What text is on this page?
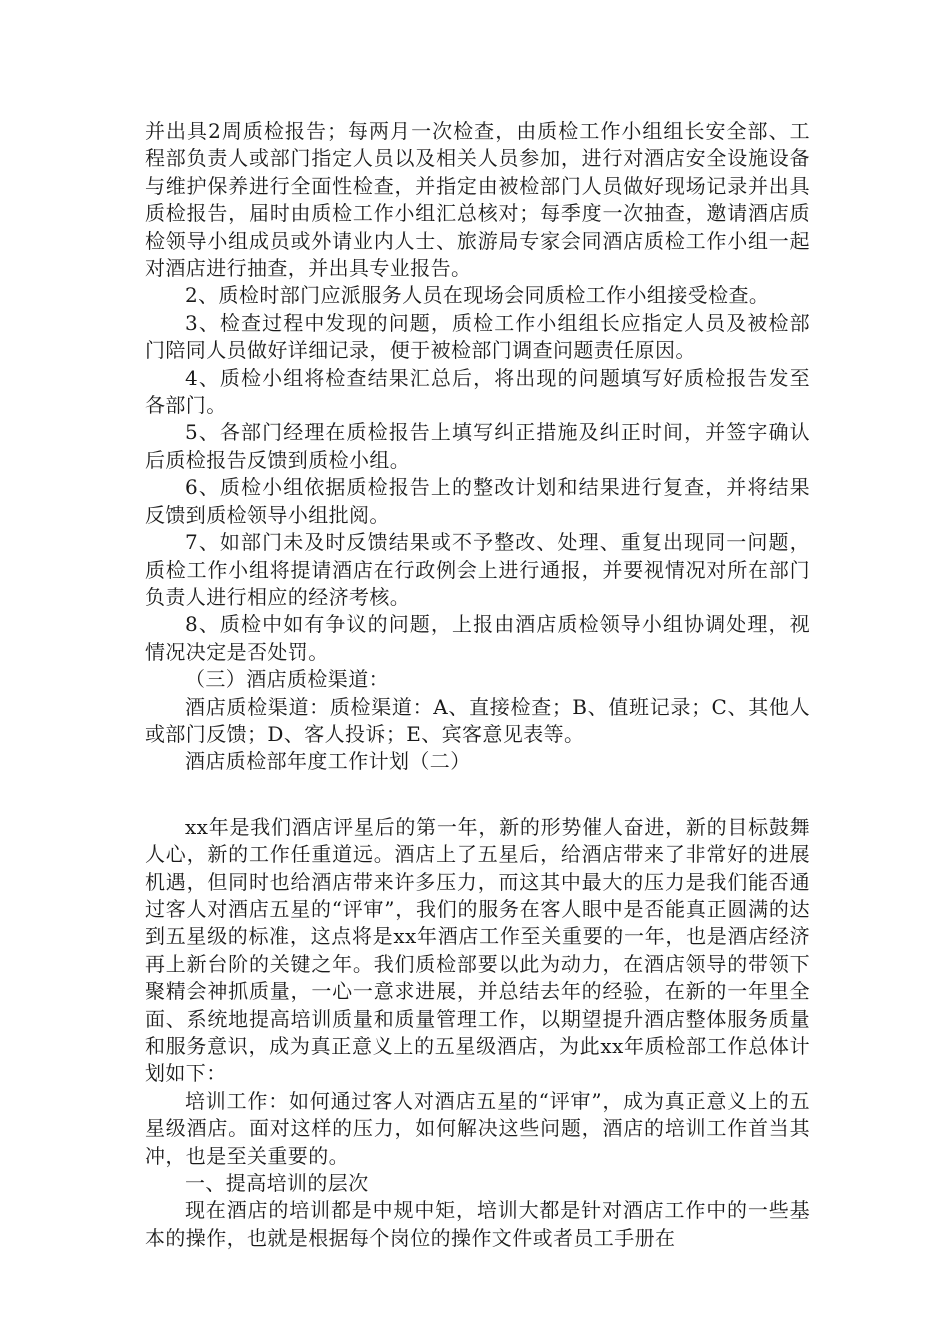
并出具2周质检报告；每两月一次检查，由质检工作小组组长安全部、工程部负责人或部门指定人员以及相关人员参加，进行对酒店安全设施设备与维护保养进行全面性检查，并指定由被检部门人员做好现场记录并出具质检报告，届时由质检工作小组汇总核对；每季度一次抽查，邀请酒店质检领导小组成员或外请业内人士、旅游局专家会同酒店质检工作小组一起对酒店进行抽查，并出具专业报告。

2、质检时部门应派服务人员在现场会同质检工作小组接受检查。

3、检查过程中发现的问题，质检工作小组组长应指定人员及被检部门陪同人员做好详细记录，便于被检部门调查问题责任原因。

4、质检小组将检查结果汇总后，将出现的问题填写好质检报告发至各部门。

5、各部门经理在质检报告上填写纠正措施及纠正时间，并签字确认后质检报告反馈到质检小组。

6、质检小组依据质检报告上的整改计划和结果进行复查，并将结果反馈到质检领导小组批阅。

7、如部门未及时反馈结果或不予整改、处理、重复出现同一问题，质检工作小组将提请酒店在行政例会上进行通报，并要视情况对所在部门负责人进行相应的经济考核。

8、质检中如有争议的问题，上报由酒店质检领导小组协调处理，视情况决定是否处罚。

（三）酒店质检渠道：

酒店质检渠道：质检渠道：A、直接检查；B、值班记录；C、其他人或部门反馈；D、客人投诉；E、宾客意见表等。

酒店质检部年度工作计划（二）

xx年是我们酒店评星后的第一年，新的形势催人奋进，新的目标鼓舞人心，新的工作任重道远。酒店上了五星后，给酒店带来了非常好的进展机遇，但同时也给酒店带来许多压力，而这其中最大的压力是我们能否通过客人对酒店五星的“评审”，我们的服务在客人眼中是否能真正圆满的达到五星级的标准，这点将是xx年酒店工作至关重要的一年，也是酒店经济再上新台阶的关键之年。我们质检部要以此为动力，在酒店领导的带领下聚精会神抓质量，一心一意求进展，并总结去年的经验，在新的一年里全面、系统地提高培训质量和质量管理工作，以期望提升酒店整体服务质量和服务意识，成为真正意义上的五星级酒店，为此xx年质检部工作总体计划如下：

培训工作：如何通过客人对酒店五星的“评审”，成为真正意义上的五星级酒店。面对这样的压力，如何解决这些问题，酒店的培训工作首当其冲，也是至关重要的。

一、提高培训的层次

现在酒店的培训都是中规中矩，培训大都是针对酒店工作中的一些基本的操作，也就是根据每个岗位的操作文件或者员工手册在
